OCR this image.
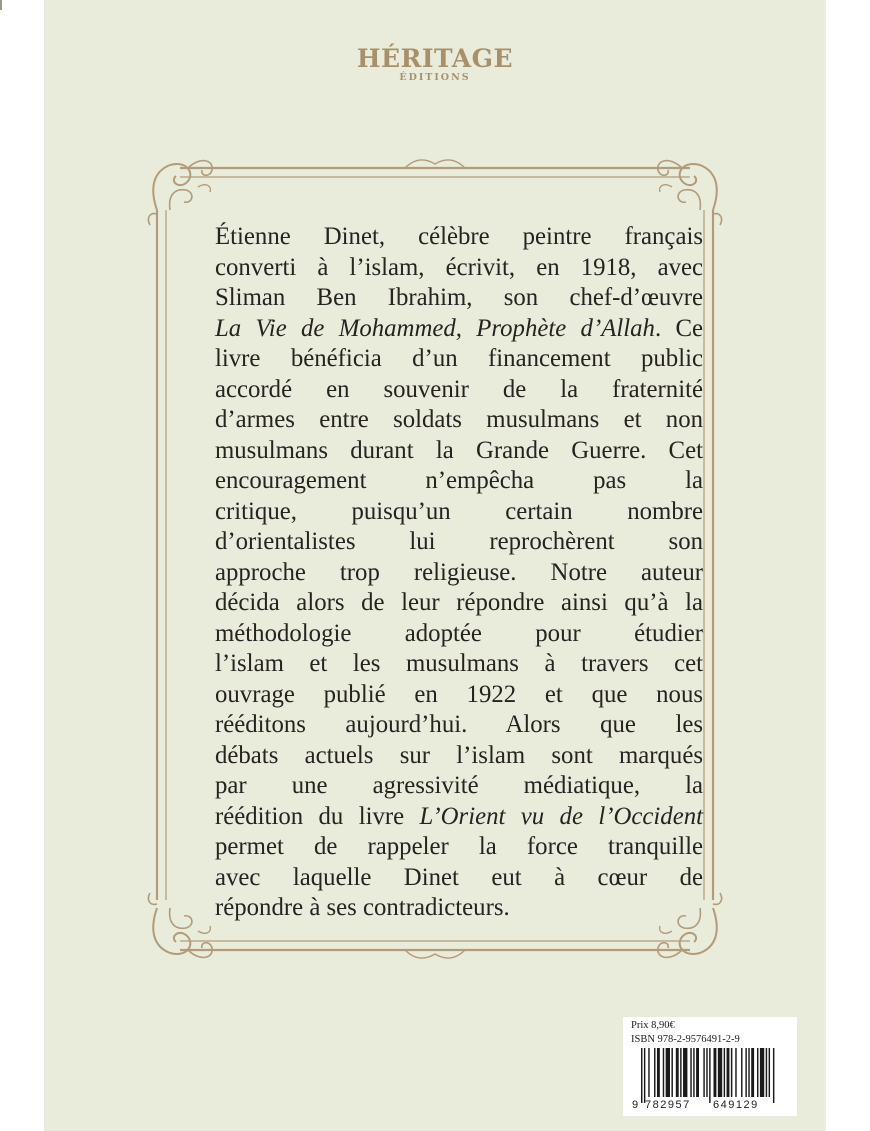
HÉRITAGE
ÉDITIONS

Étienne Dinet, célèbre peintre français
converti à l’islam, écrivit, en 1918, avec
Sliman Ben Ibrahim, son chef-d’œuvre
La Vie de Mohammed, Prophète d’Allah. Ce
livre bénéficia d’un financement public
accordé en souvenir de la fraternité
d’armes entre soldats musulmans et non
musulmans durant la Grande Guerre. Cet
encouragement n’empêcha pas la
critique, puisqu’un certain nombre
d’orientalistes lui reprochèrent son
approche trop religieuse. Notre auteur
décida alors de leur répondre ainsi qu’à la
méthodologie adoptée pour étudier
l’islam et les musulmans à travers cet
ouvrage publié en 1922 et que nous
rééditons aujourd’hui. Alors que les
débats actuels sur l’islam sont marqués
par une agressivité médiatique, la
réédition du livre L’Orient vu de l’Occident
permet de rappeler la force tranquille
avec laquelle Dinet eut à cœur de
répondre à ses contradicteurs.

Prix 8,90€
ISBN 978-2-9576491-2-9
9 782957 649129
